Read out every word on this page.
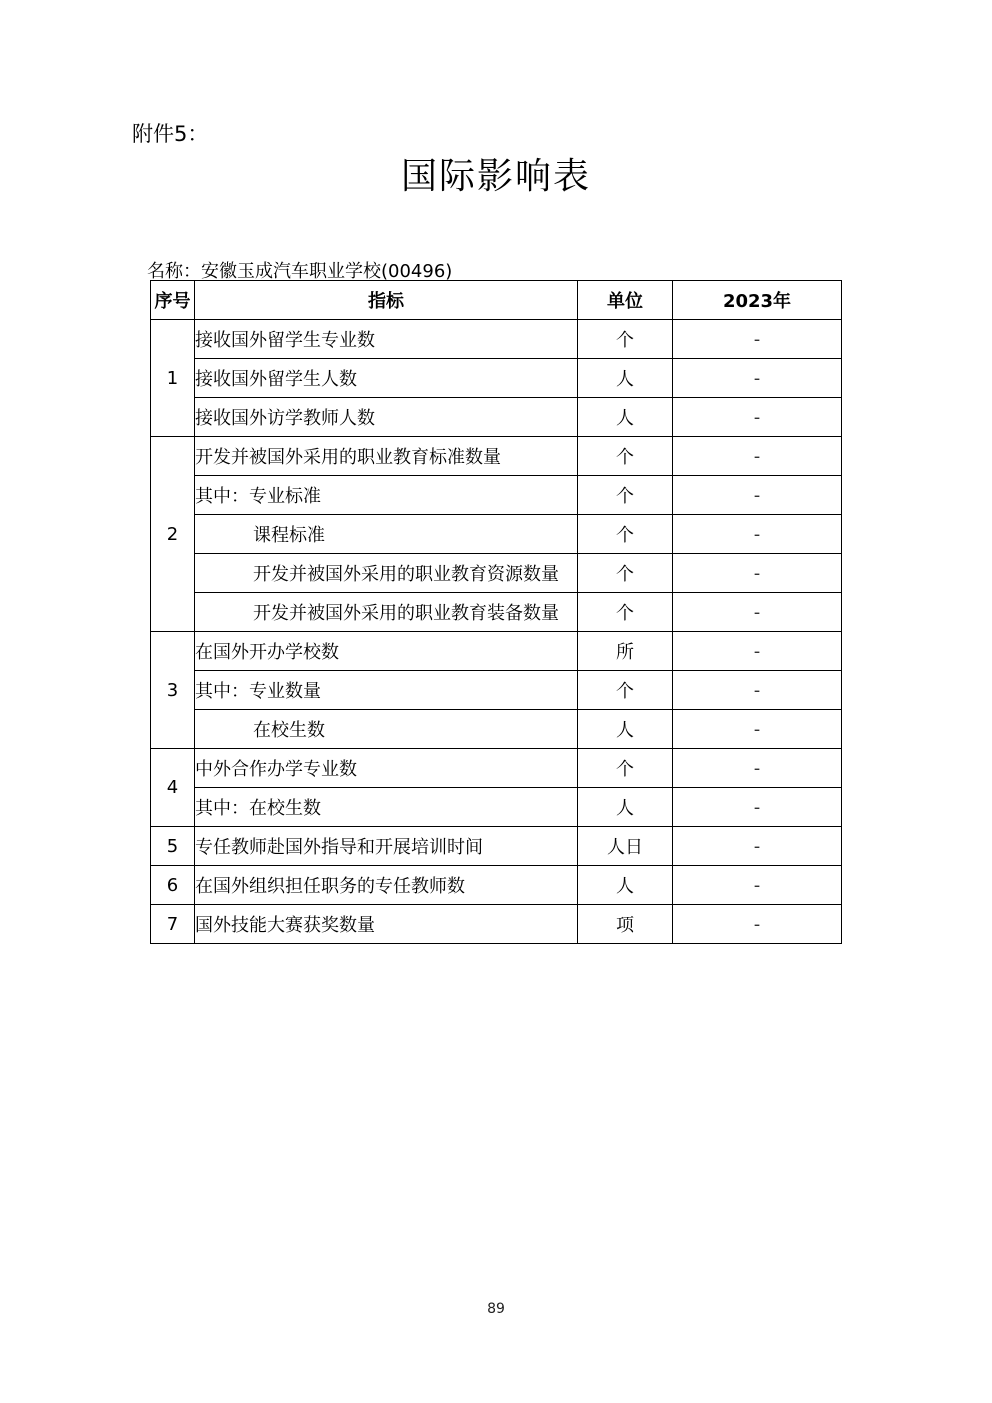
附件5：
国际影响表
名称：安徽玉成汽车职业学校(00496)
序号	指标	单位	2023年
1	接收国外留学生专业数	个	-
	接收国外留学生人数	人	-
	接收国外访学教师人数	人	-
2	开发并被国外采用的职业教育标准数量	个	-
	其中：专业标准	个	-
	课程标准	个	-
	开发并被国外采用的职业教育资源数量	个	-
	开发并被国外采用的职业教育装备数量	个	-
3	在国外开办学校数	所	-
	其中：专业数量	个	-
	在校生数	人	-
4	中外合作办学专业数	个	-
	其中：在校生数	人	-
5	专任教师赴国外指导和开展培训时间	人日	-
6	在国外组织担任职务的专任教师数	人	-
7	国外技能大赛获奖数量	项	-
89
